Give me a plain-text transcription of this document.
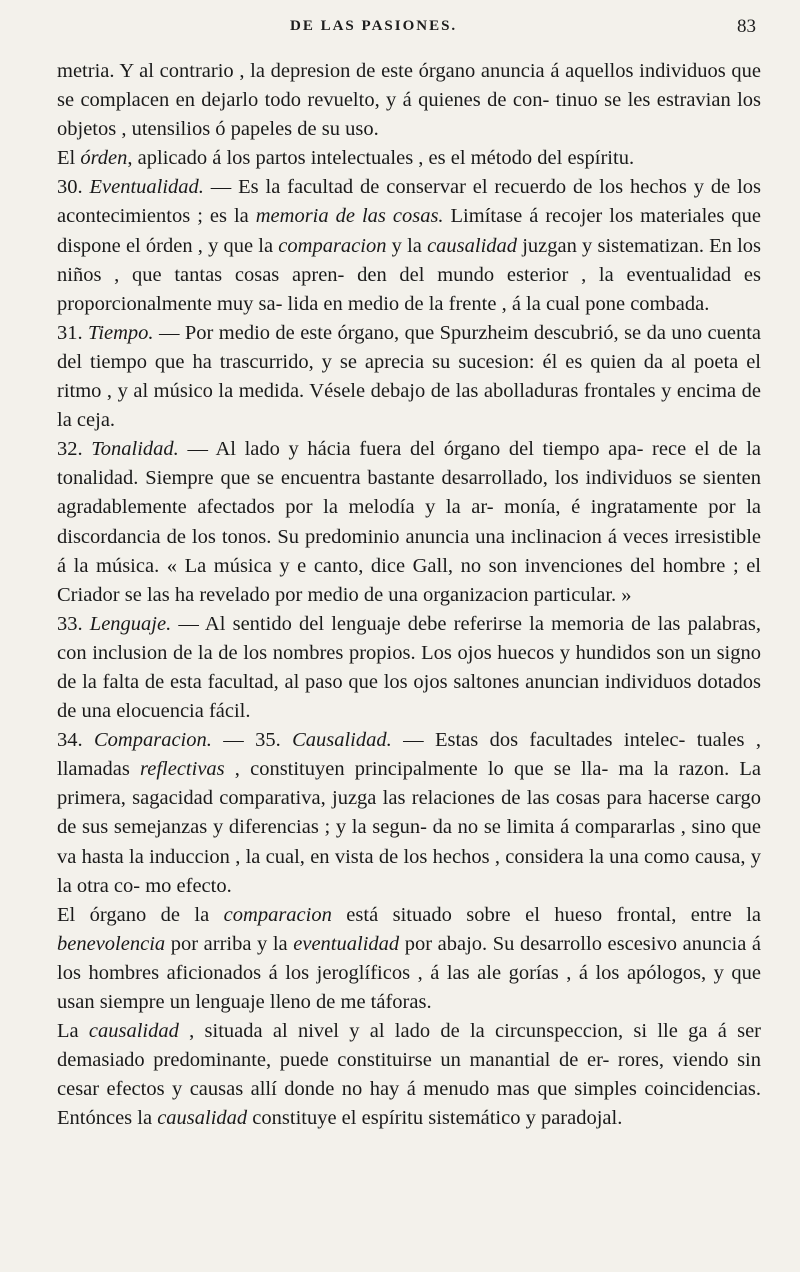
DE LAS PASIONES.	83

metria. Y al contrario , la depresion de este órgano anuncia á aquellos individuos que se complacen en dejarlo todo revuelto, y á quienes de con- tinuo se les estravian los objetos , utensilios ó papeles de su uso.

El órden, aplicado á los partos intelectuales , es el método del espíritu.

30. Eventualidad. — Es la facultad de conservar el recuerdo de los hechos y de los acontecimientos ; es la memoria de las cosas. Limítase á recojer los materiales que dispone el órden , y que la comparacion y la causalidad juzgan y sistematizan. En los niños , que tantas cosas apren- den del mundo esterior , la eventualidad es proporcionalmente muy sa- lida en medio de la frente , á la cual pone combada.

31. Tiempo. — Por medio de este órgano, que Spurzheim descubrió, se da uno cuenta del tiempo que ha trascurrido, y se aprecia su sucesion: él es quien da al poeta el ritmo , y al músico la medida. Vésele debajo de las abolladuras frontales y encima de la ceja.

32. Tonalidad. — Al lado y hácia fuera del órgano del tiempo apa- rece el de la tonalidad. Siempre que se encuentra bastante desarrollado, los individuos se sienten agradablemente afectados por la melodía y la ar- monía, é ingratamente por la discordancia de los tonos. Su predominio anuncia una inclinacion á veces irresistible á la música. « La música y e canto, dice Gall, no son invenciones del hombre ; el Criador se las ha revelado por medio de una organizacion particular. »

33. Lenguaje. — Al sentido del lenguaje debe referirse la memoria de las palabras, con inclusion de la de los nombres propios. Los ojos huecos y hundidos son un signo de la falta de esta facultad, al paso que los ojos saltones anuncian individuos dotados de una elocuencia fácil.

34. Comparacion. — 35. Causalidad. — Estas dos facultades intelec- tuales , llamadas reflectivas , constituyen principalmente lo que se lla- ma la razon. La primera, sagacidad comparativa, juzga las relaciones de las cosas para hacerse cargo de sus semejanzas y diferencias ; y la segun- da no se limita á compararlas , sino que va hasta la induccion , la cual, en vista de los hechos , considera la una como causa, y la otra co- mo efecto.

El órgano de la comparacion está situado sobre el hueso frontal, entre la benevolencia por arriba y la eventualidad por abajo. Su desarrollo escesivo anuncia á los hombres aficionados á los jeroglíficos , á las ale gorías , á los apólogos, y que usan siempre un lenguaje lleno de me táforas.

La causalidad , situada al nivel y al lado de la circunspeccion, si lle ga á ser demasiado predominante, puede constituirse un manantial de er- rores, viendo sin cesar efectos y causas allí donde no hay á menudo mas que simples coincidencias. Entónces la causalidad constituye el espíritu sistemático y paradojal.
